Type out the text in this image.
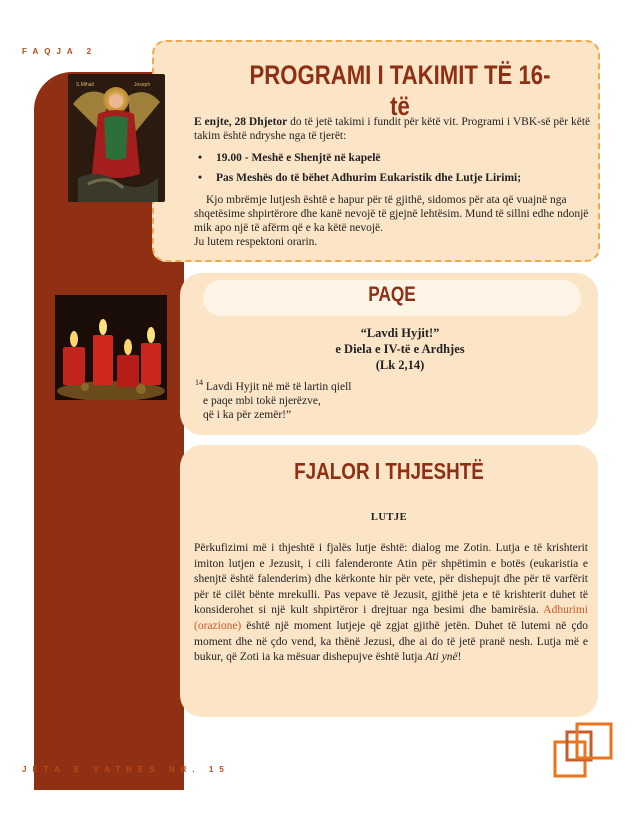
FAQJA 2
S.Mihail	Joseph	PROGRAMI I TAKIMIT TË 16-të
E enjte, 28 Dhjetor do të jetë takimi i fundit për këtë vit. Programi i VBK-së për këtë takim është ndryshe nga të tjerët:
• 19.00 - Meshë e Shenjtë në kapelë
• Pas Meshës do të bëhet Adhurim Eukaristik dhe Lutje Lirimi;
Kjo mbrëmje lutjesh është e hapur për të gjithë, sidomos për ata që vuajnë nga shqetësime shpirtërore dhe kanë nevojë të gjejnë lehtësim. Mund të sillni edhe ndonjë mik apo një të afërm që e ka këtë nevojë.
Ju lutem respektoni orarin.
PAQE
“Lavdi Hyjit!”
e Diela e IV-të e Ardhjes
(Lk 2,14)
$^{14}$ Lavdi Hyjit në më të lartin qiell
e paqe mbi tokë njerëzve,
që i ka për zemër!”
FJALOR I THJESHTË
LUTJE
Përkufizimi më i thjeshtë i fjalës lutje është: dialog me Zotin. Lutja e të krishterit imiton lutjen e Jezusit, i cili falenderonte Atin për shpëtimin e botës (eukaristia e shenjtë është falenderim) dhe kërkonte hir për vete, për dishepujt dhe për të varfërit për të cilët bënte mrekulli. Pas vepave të Jezusit, gjithë jeta e të krishterit duhet të konsiderohet si një kult shpirtëror i drejtuar nga besimi dhe bamirësia. Adhurimi (orazione) është një moment lutjeje që zgjat gjithë jetën. Duhet të lutemi në çdo moment dhe në çdo vend, ka thënë Jezusi, dhe ai do të jetë pranë nesh. Lutja më e bukur, që Zoti ia ka mësuar dishepujve është lutja Ati ynë!
JETA E VATRËS NR. 15
